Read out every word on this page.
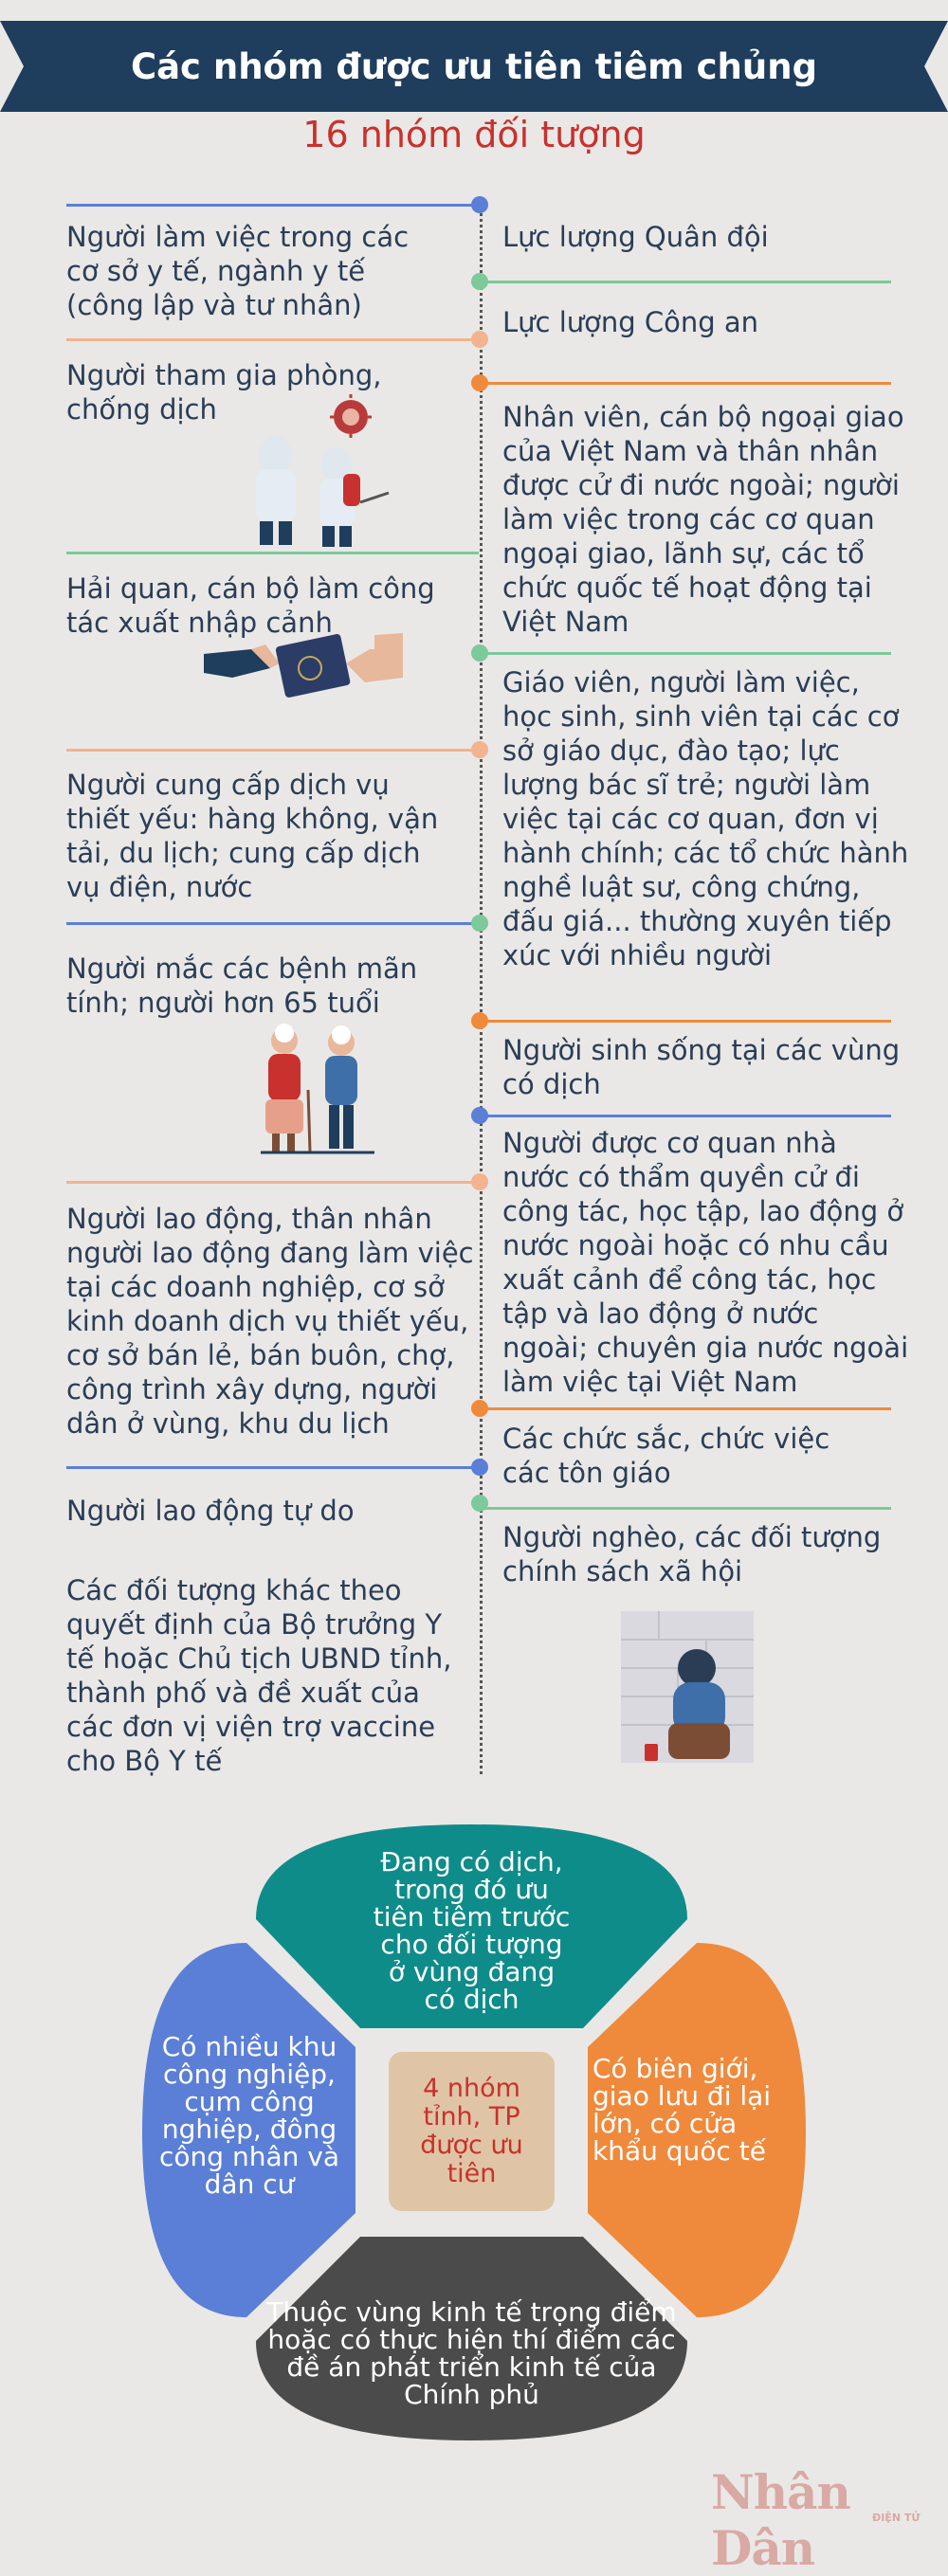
Các nhóm được ưu tiên tiêm chủng
16 nhóm đối tượng
Người làm việc trong các cơ sở y tế, ngành y tế (công lập và tư nhân)
Người tham gia phòng, chống dịch
Hải quan, cán bộ làm công tác xuất nhập cảnh
Người cung cấp dịch vụ thiết yếu: hàng không, vận tải, du lịch; cung cấp dịch vụ điện, nước
Người mắc các bệnh mãn tính; người hơn 65 tuổi
Người lao động, thân nhân người lao động đang làm việc tại các doanh nghiệp, cơ sở kinh doanh dịch vụ thiết yếu, cơ sở bán lẻ, bán buôn, chợ, công trình xây dựng, người dân ở vùng, khu du lịch
Người lao động tự do
Các đối tượng khác theo quyết định của Bộ trưởng Y tế hoặc Chủ tịch UBND tỉnh, thành phố và đề xuất của các đơn vị viện trợ vaccine cho Bộ Y tế
Lực lượng Quân đội
Lực lượng Công an
Nhân viên, cán bộ ngoại giao của Việt Nam và thân nhân được cử đi nước ngoài; người làm việc trong các cơ quan ngoại giao, lãnh sự, các tổ chức quốc tế hoạt động tại Việt Nam
Giáo viên, người làm việc, học sinh, sinh viên tại các cơ sở giáo dục, đào tạo; lực lượng bác sĩ trẻ; người làm việc tại các cơ quan, đơn vị hành chính; các tổ chức hành nghề luật sư, công chứng, đấu giá... thường xuyên tiếp xúc với nhiều người
Người sinh sống tại các vùng có dịch
Người được cơ quan nhà nước có thẩm quyền cử đi công tác, học tập, lao động ở nước ngoài hoặc có nhu cầu xuất cảnh để công tác, học tập và lao động ở nước ngoài; chuyên gia nước ngoài làm việc tại Việt Nam
Các chức sắc, chức việc các tôn giáo
Người nghèo, các đối tượng chính sách xã hội
Đang có dịch, trong đó ưu tiên tiêm trước cho đối tượng ở vùng đang có dịch
Có nhiều khu công nghiệp, cụm công nghiệp, đông công nhân và dân cư
Có biên giới, giao lưu đi lại lớn, có cửa khẩu quốc tế
Thuộc vùng kinh tế trọng điểm hoặc có thực hiện thí điểm các đề án phát triển kinh tế của Chính phủ
4 nhóm tỉnh, TP được ưu tiên
Nhân Dân
ĐIỆN TỬ
